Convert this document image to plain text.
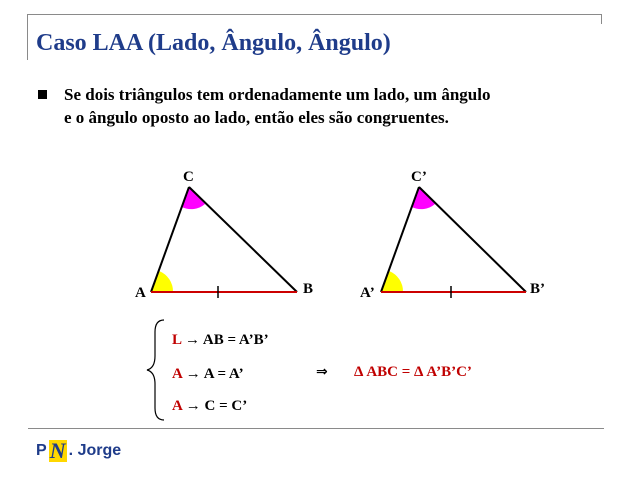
Caso LAA (Lado, Ângulo, Ângulo)
Se dois triângulos tem ordenadamente um lado, um ângulo
e o ângulo oposto ao lado, então eles são congruentes.
A	B
C
A’	B’
C’
L → AB = A’B’
A → A = A’
A → C = C’
⇒ Δ ABC = Δ A’B’C’
P N . Jorge
